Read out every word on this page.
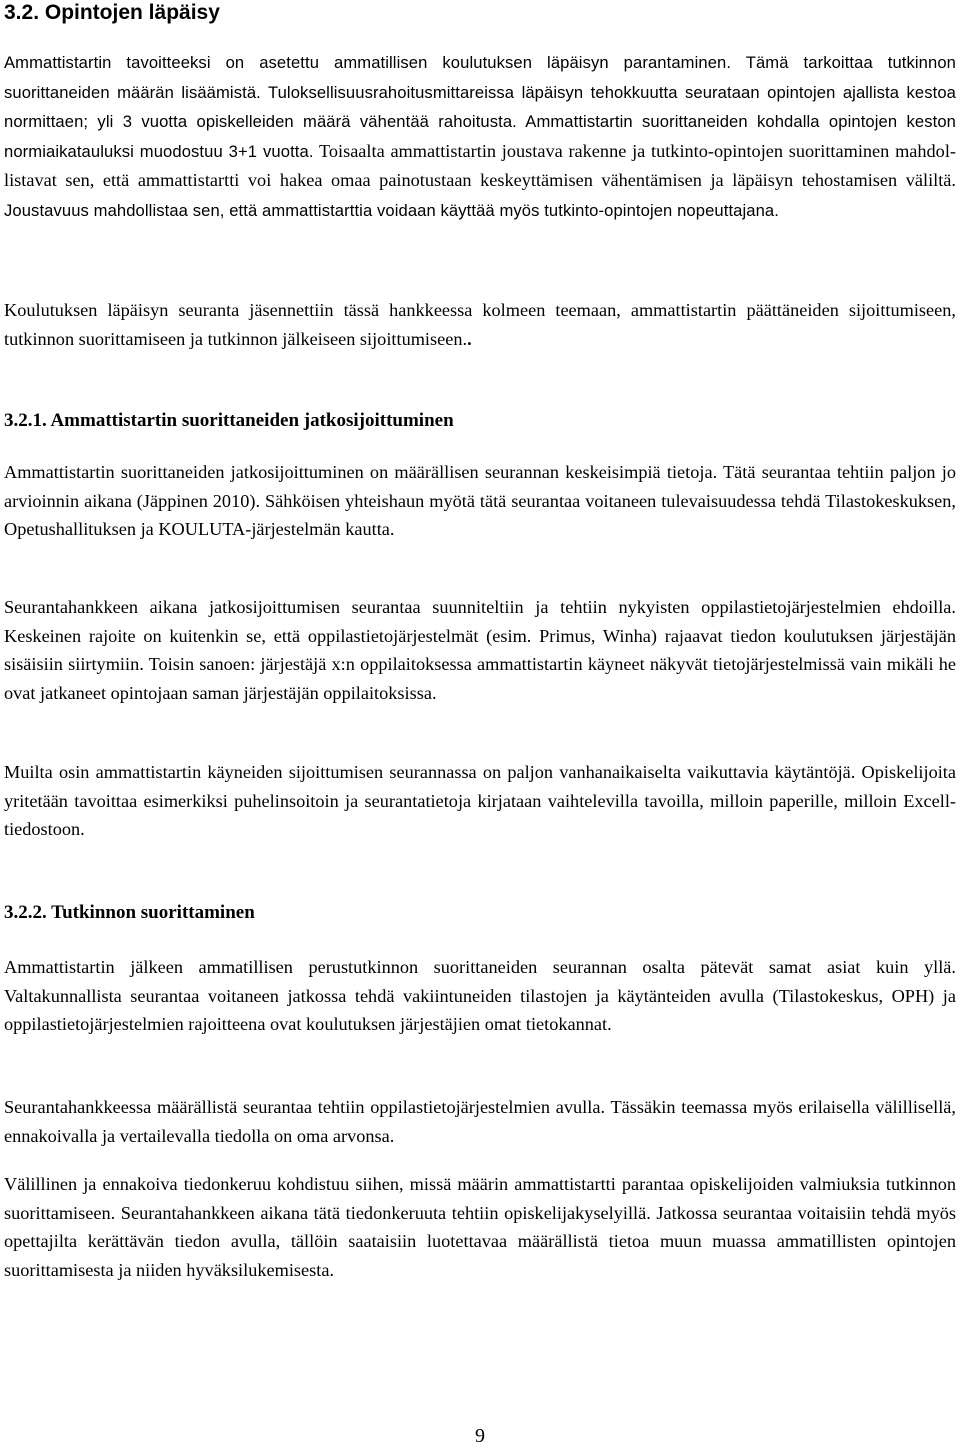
3.2. Opintojen läpäisy

Ammattistartin tavoitteeksi on asetettu ammatillisen koulutuksen läpäisyn parantaminen. Tämä tarkoittaa tutkinnon suorittaneiden määrän lisäämistä. Tuloksellisuusrahoitusmittareissa läpäisyn tehokkuutta seurataan opintojen ajallista kestoa normittaen; yli 3 vuotta opiskelleiden määrä vähentää rahoitusta. Ammattistartin suorittaneiden kohdalla opintojen keston normiaikatauluksi muodostuu 3+1 vuotta. Toisaalta ammattistartin joustava rakenne ja tutkinto-opintojen suorittaminen mahdollistavat sen, että ammattistartti voi hakea omaa painotustaan keskeyttämisen vähentämisen ja läpäisyn tehostamisen väliltä. Joustavuus mahdollistaa sen, että ammattistarttia voidaan käyttää myös tutkinto-opintojen nopeuttajana.

Koulutuksen läpäisyn seuranta jäsennettiin tässä hankkeessa kolmeen teemaan, ammattistartin päättäneiden sijoittumiseen, tutkinnon suorittamiseen ja tutkinnon jälkeiseen sijoittumiseen..

3.2.1. Ammattistartin suorittaneiden jatkosijoittuminen

Ammattistartin suorittaneiden jatkosijoittuminen on määrällisen seurannan keskeisimpiä tietoja. Tätä seurantaa tehtiin paljon jo arvioinnin aikana (Jäppinen 2010). Sähköisen yhteishaun myötä tätä seurantaa voitaneen tulevaisuudessa tehdä Tilastokeskuksen, Opetushallituksen ja KOULUTA-järjestelmän kautta.

Seurantahankkeen aikana jatkosijoittumisen seurantaa suunniteltiin ja tehtiin nykyisten oppilastietojärjestelmien ehdoilla. Keskeinen rajoite on kuitenkin se, että oppilastietojärjestelmät (esim. Primus, Winha) rajaavat tiedon koulutuksen järjestäjän sisäisiin siirtymiin. Toisin sanoen: järjestäjä x:n oppilaitoksessa ammattistartin käyneet näkyvät tietojärjestelmissä vain mikäli he ovat jatkaneet opintojaan saman järjestäjän oppilaitoksissa.

Muilta osin ammattistartin käyneiden sijoittumisen seurannassa on paljon vanhanaikaiselta vaikuttavia käytäntöjä. Opiskelijoita yritetään tavoittaa esimerkiksi puhelinsoitoin ja seurantatietoja kirjataan vaihtelevilla tavoilla, milloin paperille, milloin Excell-tiedostoon.

3.2.2. Tutkinnon suorittaminen

Ammattistartin jälkeen ammatillisen perustutkinnon suorittaneiden seurannan osalta pätevät samat asiat kuin yllä. Valtakunnallista seurantaa voitaneen jatkossa tehdä vakiintuneiden tilastojen ja käytänteiden avulla (Tilastokeskus, OPH) ja oppilastietojärjestelmien rajoitteena ovat koulutuksen järjestäjien omat tietokannat.

Seurantahankkeessa määrällistä seurantaa tehtiin oppilastietojärjestelmien avulla. Tässäkin teemassa myös erilaisella välillisellä, ennakoivalla ja vertailevalla tiedolla on oma arvonsa.

Välillinen ja ennakoiva tiedonkeruu kohdistuu siihen, missä määrin ammattistartti parantaa opiskelijoiden valmiuksia tutkinnon suorittamiseen. Seurantahankkeen aikana tätä tiedonkeruuta tehtiin opiskelijakyselyillä. Jatkossa seurantaa voitaisiin tehdä myös opettajilta kerättävän tiedon avulla, tällöin saataisiin luotettavaa määrällistä tietoa muun muassa ammatillisten opintojen suorittamisesta ja niiden hyväksilukemisesta.

9
